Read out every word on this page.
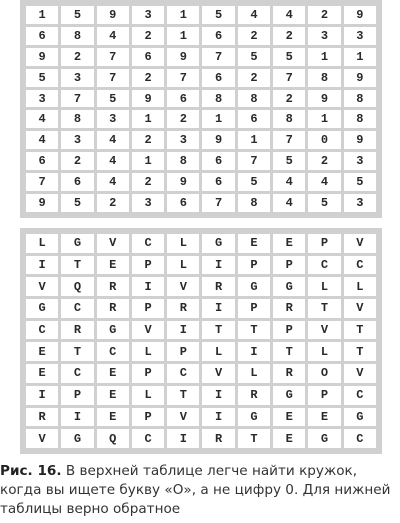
1	5	9	3	1	5	4	4	2	9
6	8	4	2	1	6	2	2	3	3
9	2	7	6	9	7	5	5	1	1
5	3	7	2	7	6	2	7	8	9
3	7	5	9	6	8	8	2	9	8
4	8	3	1	2	1	6	8	1	8
4	3	4	2	3	9	1	7	0	9
6	2	4	1	8	6	7	5	2	3
7	6	4	2	9	6	5	4	4	5
9	5	2	3	6	7	8	4	5	3
L	G	V	C	L	G	E	E	P	V
I	T	E	P	L	I	P	P	C	C
V	Q	R	I	V	R	G	G	L	L
G	C	R	P	R	I	P	R	T	V
C	R	G	V	I	T	T	P	V	T
E	T	C	L	P	L	I	T	L	T
E	C	E	P	C	V	L	R	O	V
I	P	E	L	T	I	R	G	P	C
R	I	E	P	V	I	G	E	E	G
V	G	Q	C	I	R	T	E	G	C

Рис. 16. В верхней таблице легче найти кружок, когда вы ищете букву «O», а не цифру 0. Для нижней таблицы верно обратное
